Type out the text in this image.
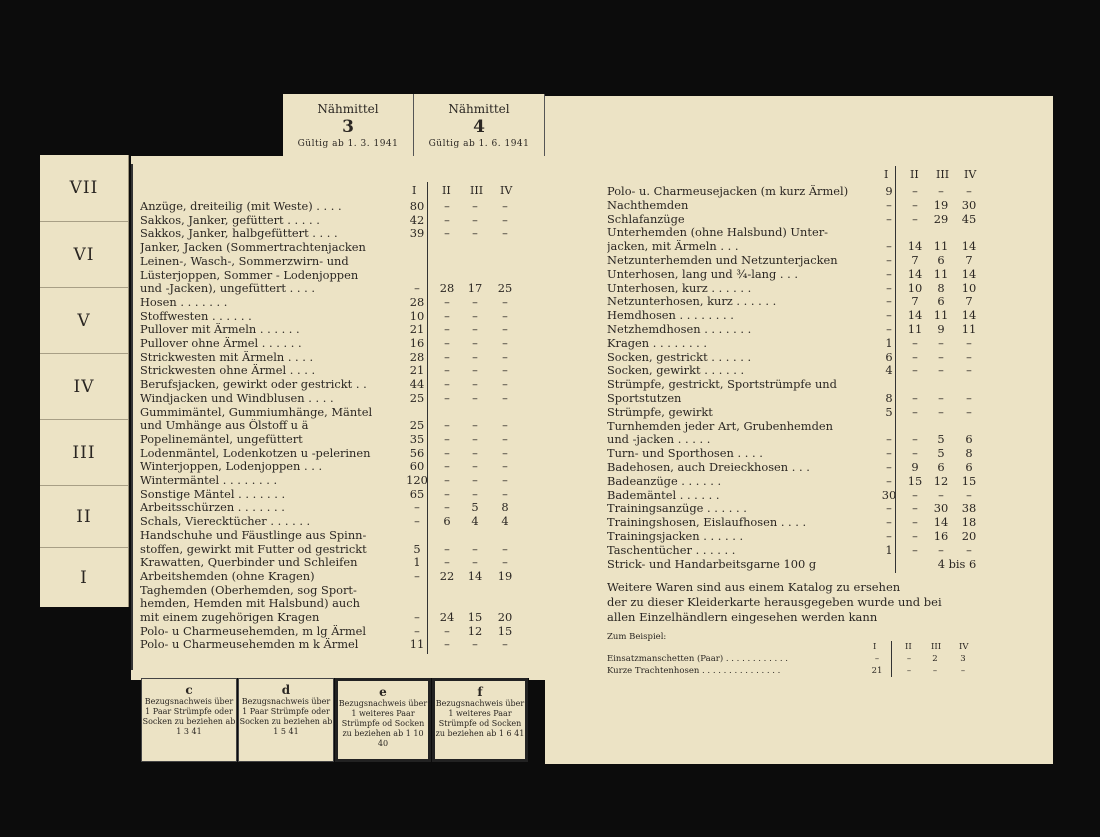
VII
VI
V
IV
III
II
I
Nähmittel
3
Gültig ab 1. 3. 1941
Nähmittel
4
Gültig ab 1. 6. 1941
I II III IV
Anzüge, dreiteilig (mit Weste) . . . .	80	–	–	–
Sakkos, Janker, gefüttert . . . . .	42	–	–	–
Sakkos, Janker, halbgefüttert . . . .	39	–	–	–
Janker, Jacken (Sommertrachtenjacken
Leinen-, Wasch-, Sommerzwirn- und
Lüsterjoppen, Sommer - Lodenjoppen
und -Jacken), ungefüttert . . . .	–	28	17	25
Hosen . . . . . . .	28	–	–	–
Stoffwesten . . . . . .	10	–	–	–
Pullover mit Ärmeln . . . . . .	21	–	–	–
Pullover ohne Ärmel . . . . . .	16	–	–	–
Strickwesten mit Ärmeln . . . .	28	–	–	–
Strickwesten ohne Ärmel . . . .	21	–	–	–
Berufsjacken, gewirkt oder gestrickt . .	44	–	–	–
Windjacken und Windblusen . . . .	25	–	–	–
Gummimäntel, Gummiumhänge, Mäntel
und Umhänge aus Ölstoff u ä	25	–	–	–
Popelinemäntel, ungefüttert	35	–	–	–
Lodenmäntel, Lodenkotzen u -pelerinen	56	–	–	–
Winterjoppen, Lodenjoppen . . .	60	–	–	–
Wintermäntel . . . . . . . .	120	–	–	–
Sonstige Mäntel . . . . . . .	65	–	–	–
Arbeitsschürzen . . . . . . .	–	–	5	8
Schals, Vierecktücher . . . . . .	–	6	4	4
Handschuhe und Fäustlinge aus Spinn-
stoffen, gewirkt mit Futter od gestrickt	5	–	–	–
Krawatten, Querbinder und Schleifen	1	–	–	–
Arbeitshemden (ohne Kragen)	–	22	14	19
Taghemden (Oberhemden, sog Sport-
hemden, Hemden mit Halsbund) auch
mit einem zugehörigen Kragen	–	24	15	20
Polo- u Charmeusehemden, m lg Ärmel	–	–	12	15
Polo- u Charmeusehemden m k Ärmel	11	–	–	–
I II III IV
Polo- u. Charmeusejacken (m kurz Ärmel)	9	–	–	–
Nachthemden	–	–	19	30
Schlafanzüge	–	–	29	45
Unterhemden (ohne Halsbund) Unter-
jacken, mit Ärmeln . . .	–	14	11	14
Netzunterhemden und Netzunterjacken	–	7	6	7
Unterhosen, lang und ¾-lang . . .	–	14	11	14
Unterhosen, kurz . . . . . .	–	10	8	10
Netzunterhosen, kurz . . . . . .	–	7	6	7
Hemdhosen . . . . . . . .	–	14	11	14
Netzhemdhosen . . . . . . .	–	11	9	11
Kragen . . . . . . . .	1	–	–	–
Socken, gestrickt . . . . . .	6	–	–	–
Socken, gewirkt . . . . . .	4	–	–	–
Strümpfe, gestrickt, Sportstrümpfe und
Sportstutzen	8	–	–	–
Strümpfe, gewirkt	5	–	–	–
Turnhemden jeder Art, Grubenhemden
und -jacken . . . . .	–	–	5	6
Turn- und Sporthosen . . . .	–	–	5	8
Badehosen, auch Dreieckhosen . . .	–	9	6	6
Badeanzüge . . . . . .	–	15	12	15
Bademäntel . . . . . .	30	–	–	–
Trainingsanzüge . . . . . .	–	–	30	38
Trainingshosen, Eislaufhosen . . . .	–	–	14	18
Trainingsjacken . . . . . .	–	–	16	20
Taschentücher . . . . . .	1	–	–	–
Strick- und Handarbeitsgarne 100 g	4 bis 6
Weitere Waren sind aus einem Katalog zu ersehen
der zu dieser Kleiderkarte herausgegeben wurde und bei
allen Einzelhändlern eingesehen werden kann
Zum Beispiel:
I	II III IV
Einsatzmanschetten (Paar) . . . . . . . . . . . .	–	–	2	3
Kurze Trachtenhosen . . . . . . . . . . . . . . .	21	–	–	–
c
Bezugsnachweis über 1 Paar Strümpfe oder Socken zu beziehen ab 1 3 41
d
Bezugsnachweis über 1 Paar Strümpfe oder Socken zu beziehen ab 1 5 41
e
Bezugsnachweis über 1 weiteres Paar Strümpfe od Socken zu beziehen ab 1 10 40
f
Bezugsnachweis über 1 weiteres Paar Strümpfe od Socken zu beziehen ab 1 6 41
